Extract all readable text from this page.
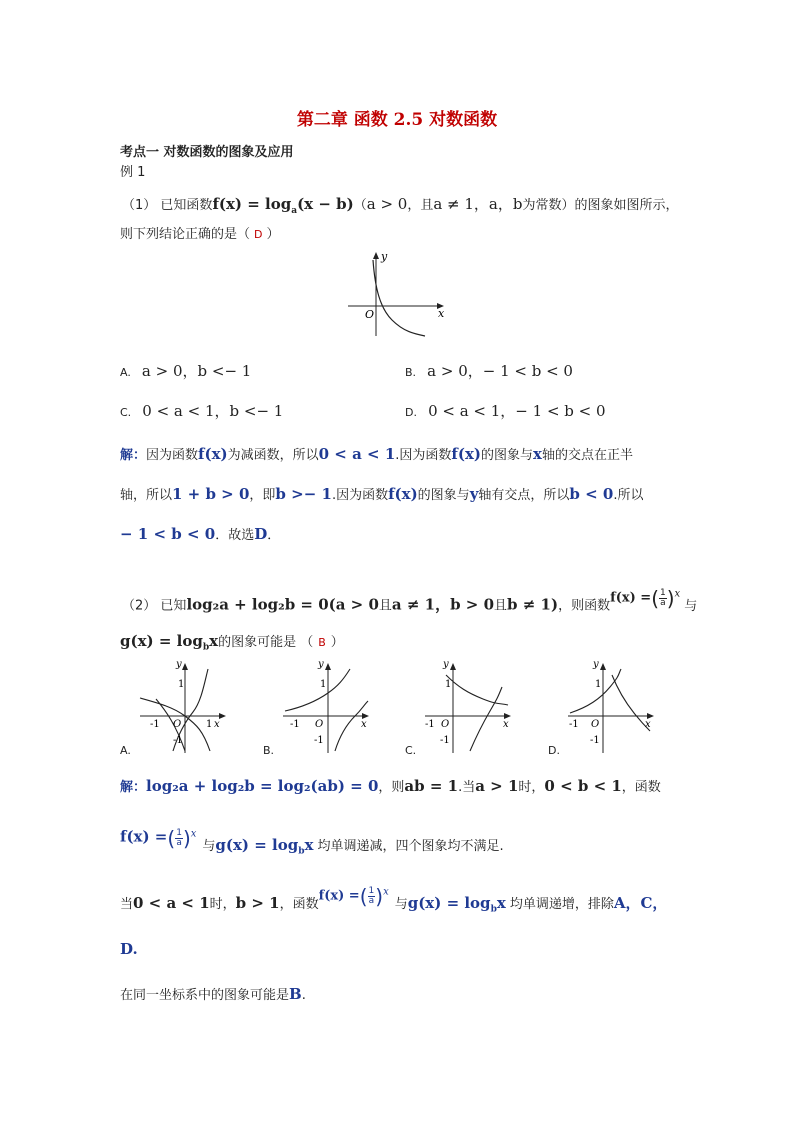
第二章 函数 2.5 对数函数
考点一 对数函数的图象及应用
例 1
（1） 已知函数$f(x) = \log_a(x - b)(a > 0$，且a ≠ 1，a，b为常数）的图象如图所示，
则下列结论正确的是（ D ）
y
x
O
A. a > 0，b <− 1	B. a > 0，− 1 < b < 0
C. 0 < a < 1，b <− 1	D. 0 < a < 1，− 1 < b < 0
解：因为函数f(x)为减函数，所以0 < a < 1.因为函数f(x)的图象与x轴的交点在正半
轴，所以1 + b > 0，即b >− 1.因为函数f(x)的图象与y轴有交点，所以b < 0.所以
− 1 < b < 0．故选D．
（2） 已知log₂a + log₂b = 0(a > 0且a ≠ 1，b > 0且b ≠ 1)，则函数f(x) =( $\frac{1}{a} )^x$与
$g(x) = \log_bx$的图象可能是 （ B ）
y
1
-1 O 1 x
-1
y
1
-1 O	x
-1
y
1
-1 O	x
-1
y
1
-1 O	x
-1
A.	B.	C.	D.
解：log₂a + log₂b = log₂(ab) = 0，则ab = 1.当a > 1时，0 < b < 1，函数
f(x) =( $\frac{1}{a} )^x$与$g(x) = \log_bx$ 均单调递减，四个图象均不满足.
当0 < a < 1时，b > 1，函数f(x) =( $\frac{1}{a} )^x$与$g(x) = \log_bx$ 均单调递增，排除A，C，
D.
在同一坐标系中的图象可能是B.
